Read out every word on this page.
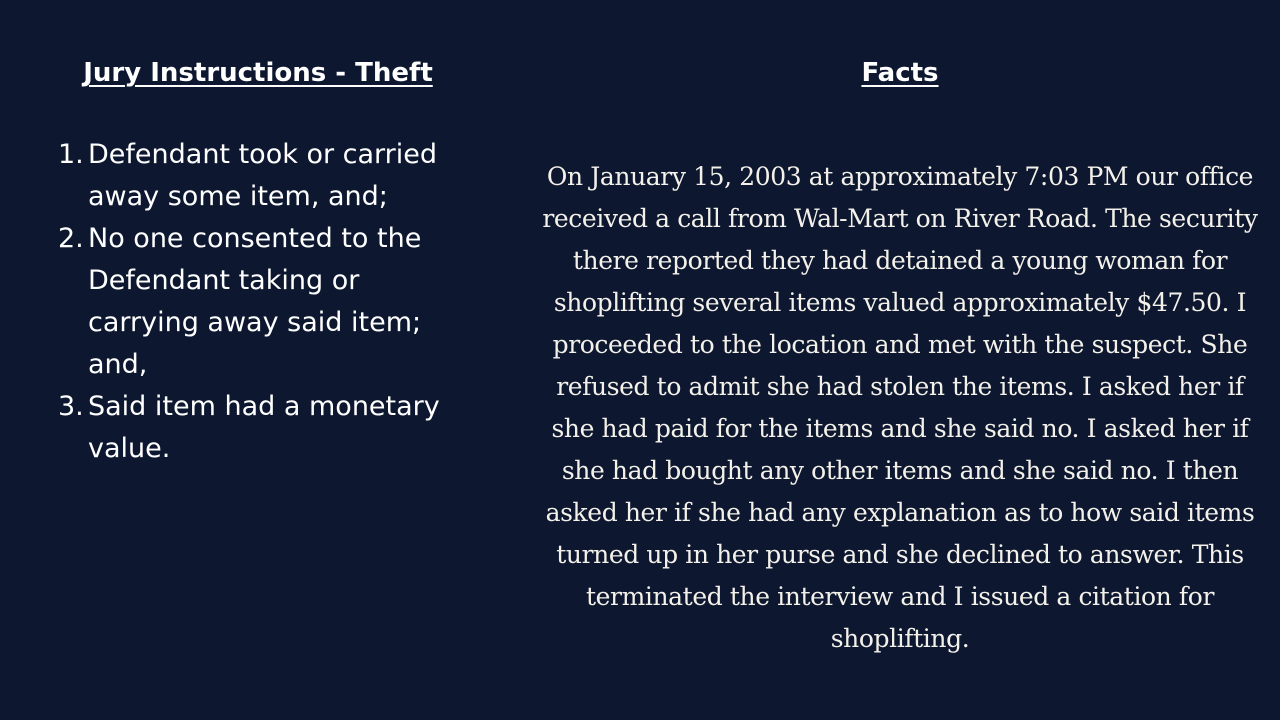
Jury Instructions - Theft
1. Defendant took or carried away some item, and;
2. No one consented to the Defendant taking or carrying away said item; and,
3. Said item had a monetary value.
Facts

On January 15, 2003 at approximately 7:03 PM our office received a call from Wal-Mart on River Road. The security there reported they had detained a young woman for shoplifting several items valued approximately $47.50. I proceeded to the location and met with the suspect. She refused to admit she had stolen the items. I asked her if she had paid for the items and she said no. I asked her if she had bought any other items and she said no. I then asked her if she had any explanation as to how said items turned up in her purse and she declined to answer. This terminated the interview and I issued a citation for shoplifting.
